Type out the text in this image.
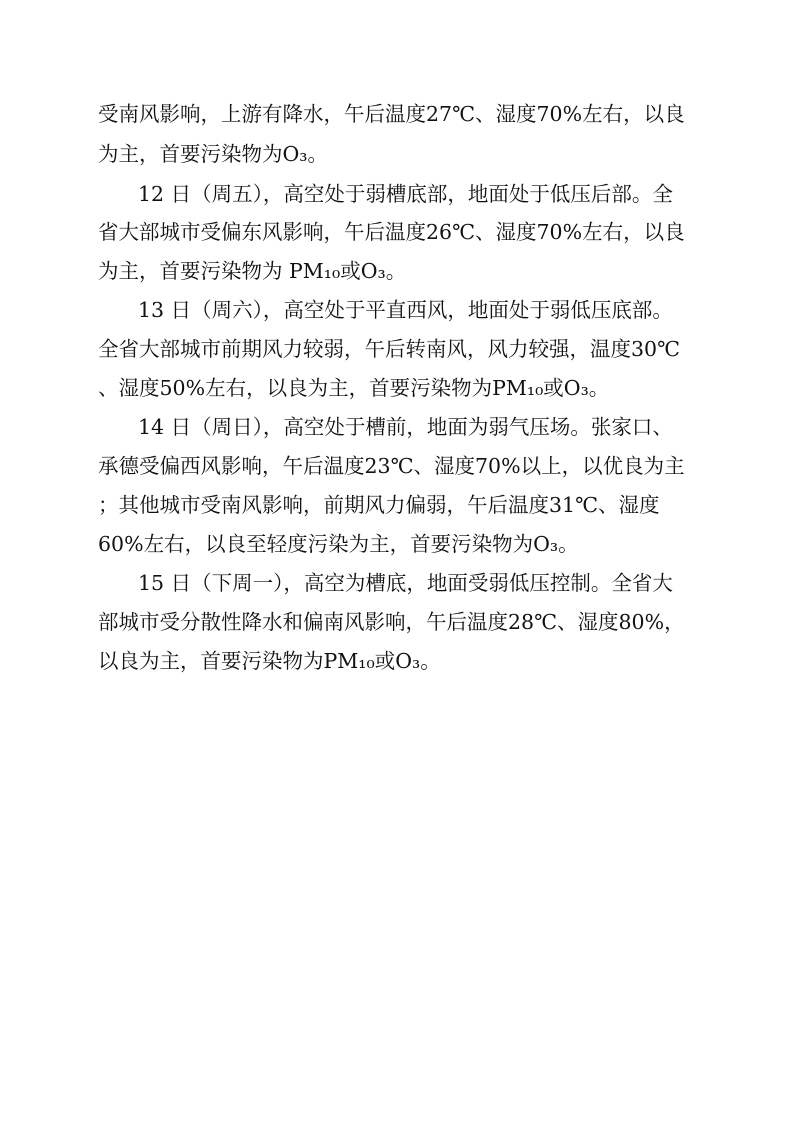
受南风影响，上游有降水，午后温度27℃、湿度70%左右，以良
为主，首要污染物为O₃。
12 日（周五），高空处于弱槽底部，地面处于低压后部。全
省大部城市受偏东风影响，午后温度26℃、湿度70%左右，以良
为主，首要污染物为 PM₁₀或O₃。
13 日（周六），高空处于平直西风，地面处于弱低压底部。
全省大部城市前期风力较弱，午后转南风，风力较强，温度30℃
、湿度50%左右，以良为主，首要污染物为PM₁₀或O₃。
14 日（周日），高空处于槽前，地面为弱气压场。张家口、
承德受偏西风影响，午后温度23℃、湿度70%以上，以优良为主
；其他城市受南风影响，前期风力偏弱，午后温度31℃、湿度
60%左右，以良至轻度污染为主，首要污染物为O₃。
15 日（下周一），高空为槽底，地面受弱低压控制。全省大
部城市受分散性降水和偏南风影响，午后温度28℃、湿度80%，
以良为主，首要污染物为PM₁₀或O₃。
